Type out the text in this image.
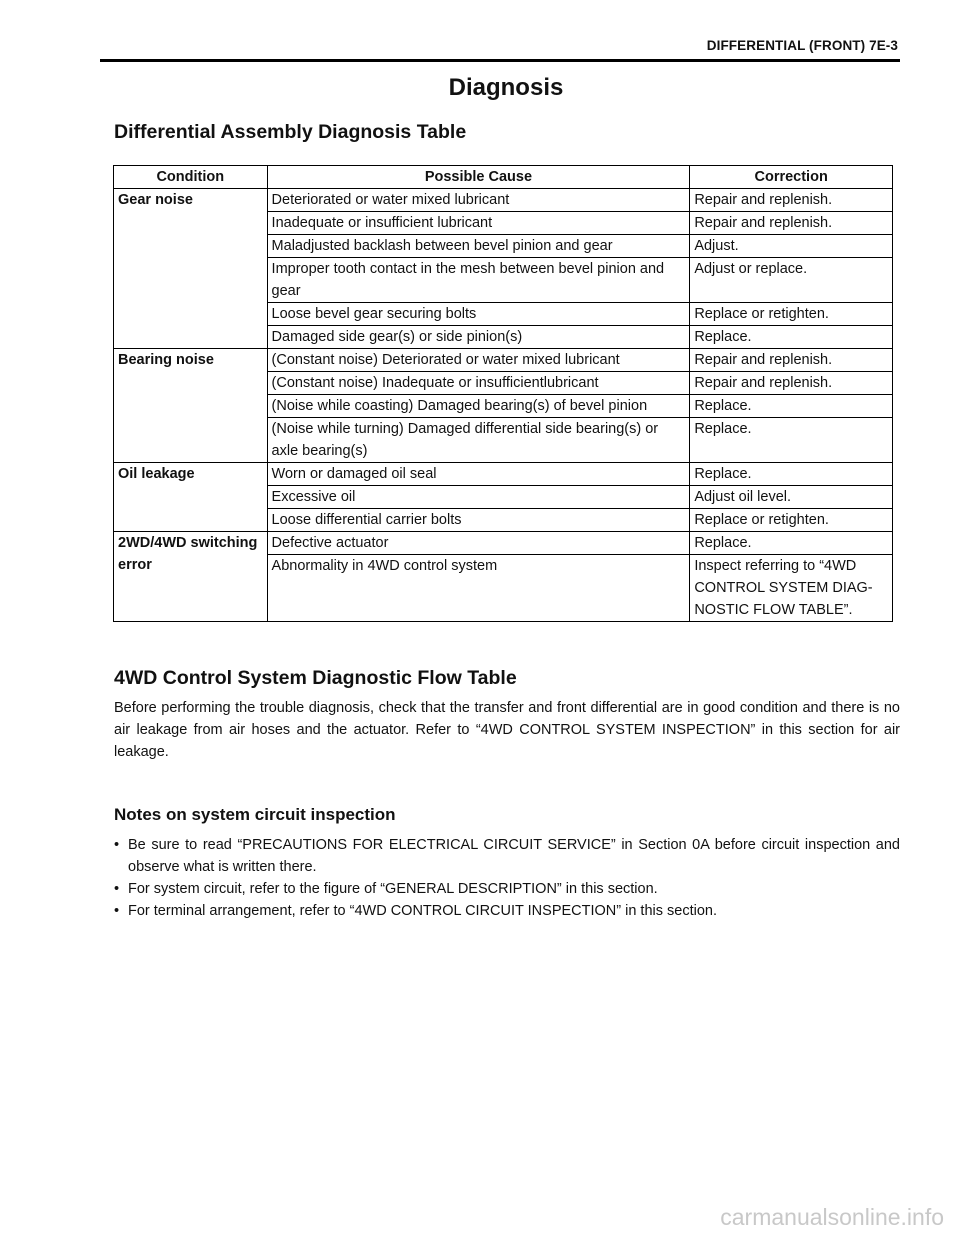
DIFFERENTIAL (FRONT) 7E-3
Diagnosis
Differential Assembly Diagnosis Table
Condition	Possible Cause	Correction
Gear noise	Deteriorated or water mixed lubricant	Repair and replenish.
	Inadequate or insufficient lubricant	Repair and replenish.
	Maladjusted backlash between bevel pinion and gear	Adjust.
	Improper tooth contact in the mesh between bevel pinion and gear	Adjust or replace.
	Loose bevel gear securing bolts	Replace or retighten.
	Damaged side gear(s) or side pinion(s)	Replace.
Bearing noise	(Constant noise) Deteriorated or water mixed lubricant	Repair and replenish.
	(Constant noise) Inadequate or insufficientlubricant	Repair and replenish.
	(Noise while coasting) Damaged bearing(s) of bevel pinion	Replace.
	(Noise while turning) Damaged differential side bearing(s) or axle bearing(s)	Replace.
Oil leakage	Worn or damaged oil seal	Replace.
	Excessive oil	Adjust oil level.
	Loose differential carrier bolts	Replace or retighten.
2WD/4WD switching error	Defective actuator	Replace.
	Abnormality in 4WD control system	Inspect referring to “4WD CONTROL SYSTEM DIAG-NOSTIC FLOW TABLE”.
4WD Control System Diagnostic Flow Table
Before performing the trouble diagnosis, check that the transfer and front differential are in good condition and there is no air leakage from air hoses and the actuator. Refer to “4WD CONTROL SYSTEM INSPECTION” in this section for air leakage.
Notes on system circuit inspection
• Be sure to read “PRECAUTIONS FOR ELECTRICAL CIRCUIT SERVICE” in Section 0A before circuit inspection and observe what is written there.
• For system circuit, refer to the figure of “GENERAL DESCRIPTION” in this section.
• For terminal arrangement, refer to “4WD CONTROL CIRCUIT INSPECTION” in this section.
carmanualsonline.info
